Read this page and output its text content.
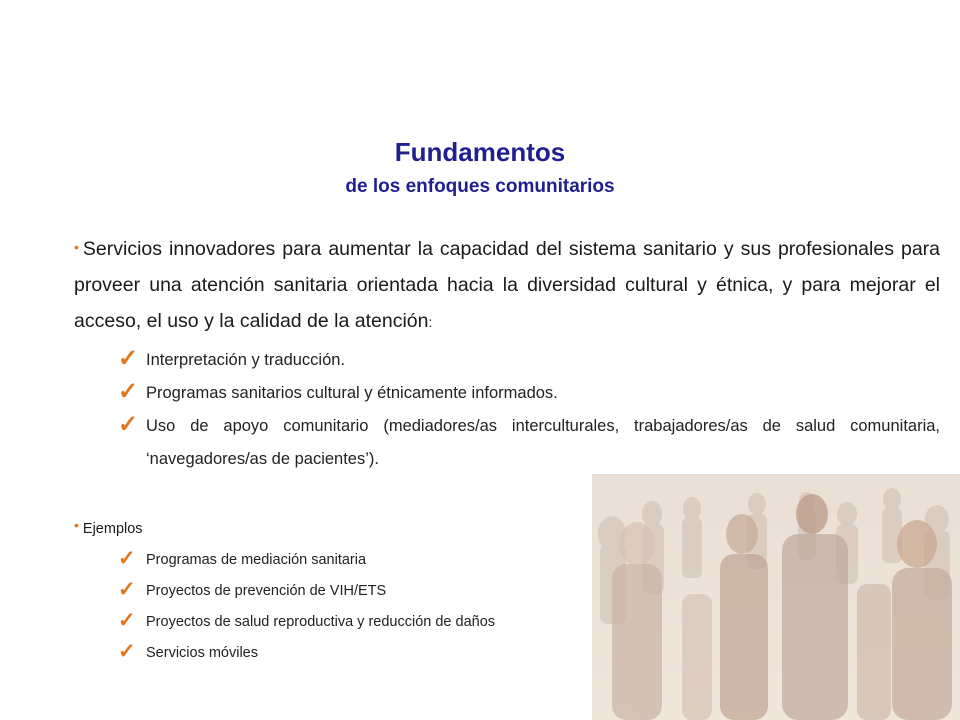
Fundamentos
de los enfoques comunitarios
• Servicios innovadores para aumentar la capacidad del sistema sanitario y sus profesionales para proveer una atención sanitaria orientada hacia la diversidad cultural y étnica, y para mejorar el acceso, el uso y la calidad de la atención:
✓ Interpretación y traducción.
✓ Programas sanitarios cultural y étnicamente informados.
✓ Uso de apoyo comunitario (mediadores/as interculturales, trabajadores/as de salud comunitaria, ‘navegadores/as de pacientes’).
• Ejemplos
✓ Programas de mediación sanitaria
✓ Proyectos de prevención de VIH/ETS
✓ Proyectos de salud reproductiva y reducción de daños
✓ Servicios móviles
